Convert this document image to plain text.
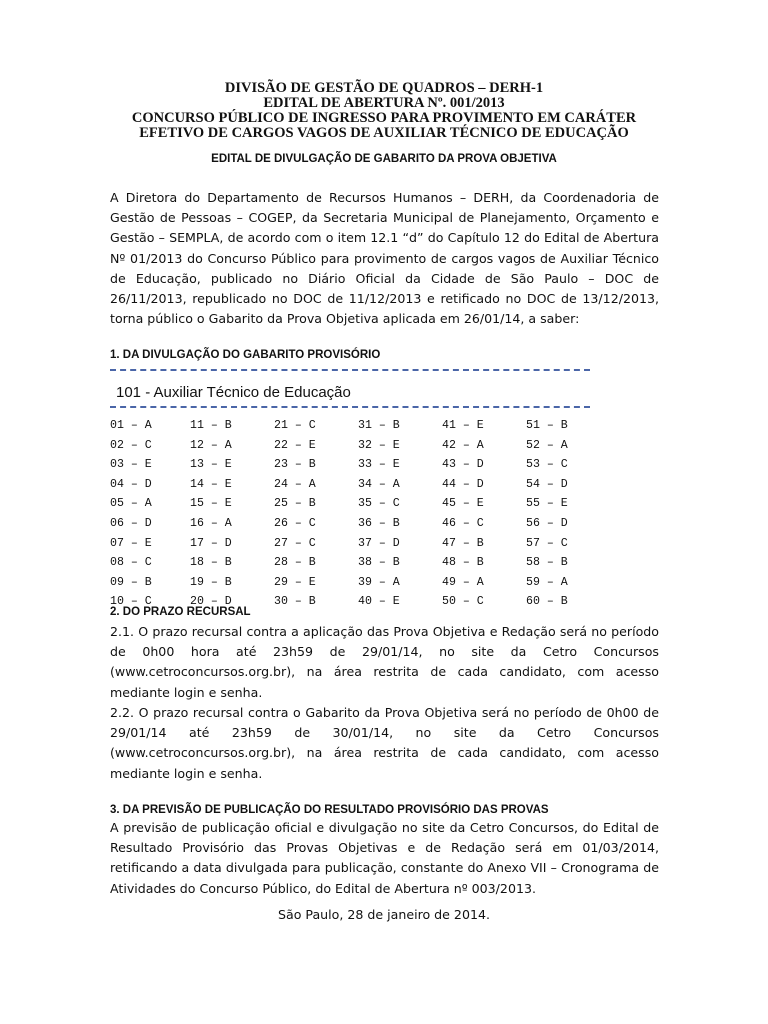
DIVISÃO DE GESTÃO DE QUADROS – DERH-1
EDITAL DE ABERTURA Nº. 001/2013
CONCURSO PÚBLICO DE INGRESSO PARA PROVIMENTO EM CARÁTER
EFETIVO DE CARGOS VAGOS DE AUXILIAR TÉCNICO DE EDUCAÇÃO
EDITAL DE DIVULGAÇÃO DE GABARITO DA PROVA OBJETIVA
A Diretora do Departamento de Recursos Humanos – DERH, da Coordenadoria de Gestão de Pessoas – COGEP, da Secretaria Municipal de Planejamento, Orçamento e Gestão – SEMPLA, de acordo com o item 12.1 “d” do Capítulo 12 do Edital de Abertura Nº 01/2013 do Concurso Público para provimento de cargos vagos de Auxiliar Técnico de Educação, publicado no Diário Oficial da Cidade de São Paulo – DOC de 26/11/2013, republicado no DOC de 11/12/2013 e retificado no DOC de 13/12/2013, torna público o Gabarito da Prova Objetiva aplicada em 26/01/14, a saber:
1. DA DIVULGAÇÃO DO GABARITO PROVISÓRIO
101 - Auxiliar Técnico de Educação
01 – A
02 – C
03 – E
04 – D
05 – A
06 – D
07 – E
08 – C
09 – B
10 – C
11 – B
12 – A
13 – E
14 – E
15 – E
16 – A
17 – D
18 – B
19 – B
20 – D
21 – C
22 – E
23 – B
24 – A
25 – B
26 – C
27 – C
28 – B
29 – E
30 – B
31 – B
32 – E
33 – E
34 – A
35 – C
36 – B
37 – D
38 – B
39 – A
40 – E
41 – E
42 – A
43 – D
44 – D
45 – E
46 – C
47 – B
48 – B
49 – A
50 – C
51 – B
52 – A
53 – C
54 – D
55 – E
56 – D
57 – C
58 – B
59 – A
60 – B
2. DO PRAZO RECURSAL
2.1. O prazo recursal contra a aplicação das Prova Objetiva e Redação será no período de 0h00 hora até 23h59 de 29/01/14, no site da Cetro Concursos (www.cetroconcursos.org.br), na área restrita de cada candidato, com acesso mediante login e senha.
2.2. O prazo recursal contra o Gabarito da Prova Objetiva será no período de 0h00 de 29/01/14 até 23h59 de 30/01/14, no site da Cetro Concursos (www.cetroconcursos.org.br), na área restrita de cada candidato, com acesso mediante login e senha.
3. DA PREVISÃO DE PUBLICAÇÃO DO RESULTADO PROVISÓRIO DAS PROVAS
A previsão de publicação oficial e divulgação no site da Cetro Concursos, do Edital de Resultado Provisório das Provas Objetivas e de Redação será em 01/03/2014, retificando a data divulgada para publicação, constante do Anexo VII – Cronograma de Atividades do Concurso Público, do Edital de Abertura nº 003/2013.
São Paulo, 28 de janeiro de 2014.
